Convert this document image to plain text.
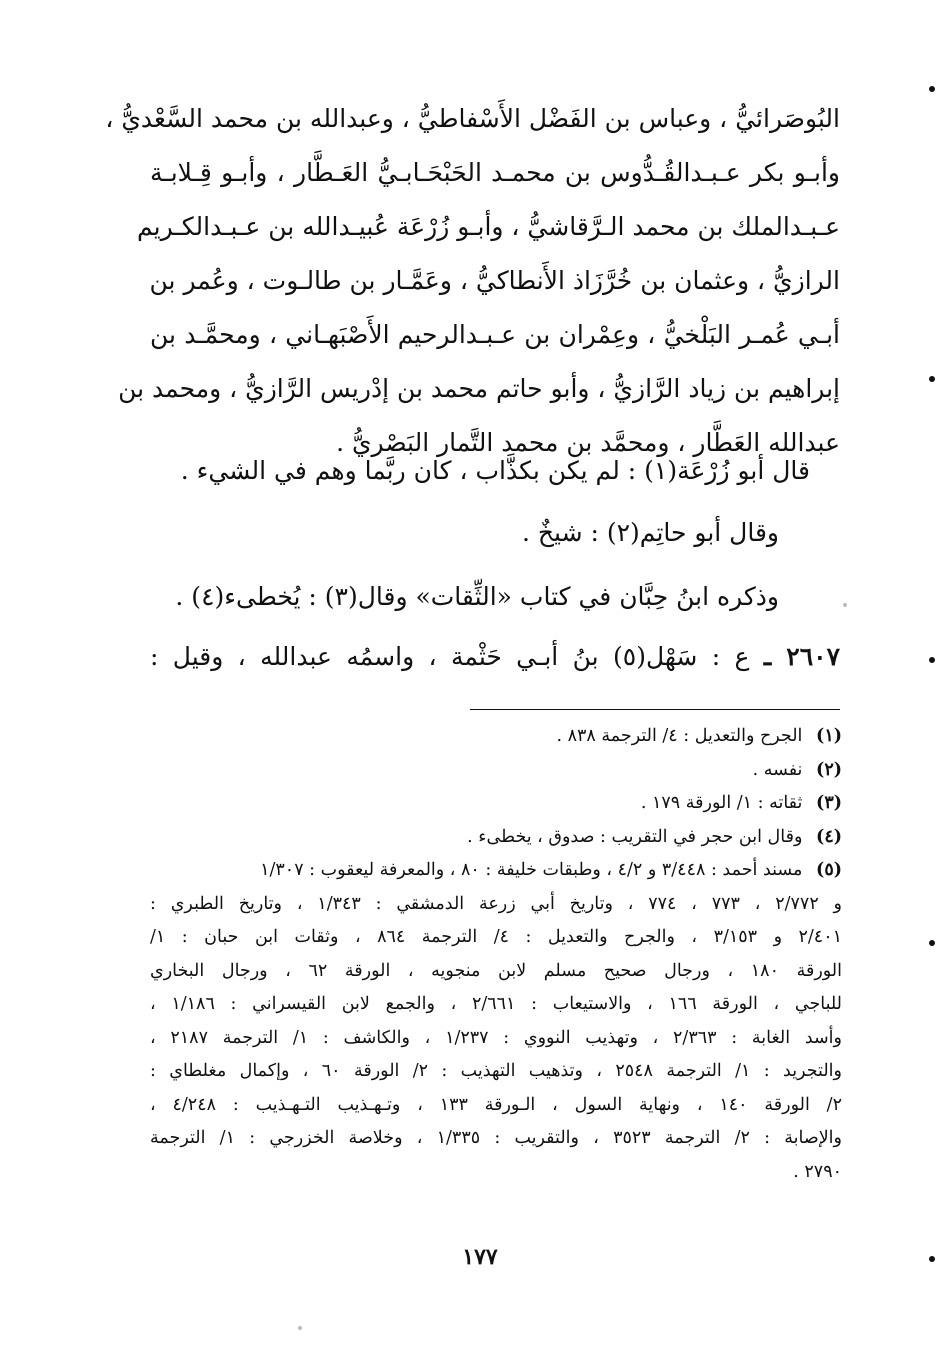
البُوصَرائيُّ ، وعباس بن الفَضْل الأَسْفاطيُّ ، وعبدالله بن محمد السَّعْديُّ ،
وأبـو بكر عـبـدالقُـدُّوس بن محمـد الحَبْحَـابـيُّ العَـطَّار ، وأبـو قِـلابـة
عـبـدالملك بن محمد الـرَّقاشيُّ ، وأبـو زُرْعَة عُبيـدالله بن عـبـدالكـريم
الرازيُّ ، وعثمان بن خُرَّزَاذ الأَنطاكيُّ ، وعَمَّـار بن طالـوت ، وعُمر بن
أبـي عُمـر البَلْخيُّ ، وعِمْران بن عـبـدالرحيم الأَصْبَهـاني ، ومحمَّـد بن
إبراهيم بن زياد الرَّازيُّ ، وأبو حاتم محمد بن إدْريس الرَّازيُّ ، ومحمد بن
عبدالله العَطَّار ، ومحمَّد بن محمد التَّمار البَصْريُّ .
قال أبو زُرْعَة(١) : لم يكن بكذَّاب ، كان ربَّما وهم في الشيء .
وقال أبو حاتِم(٢) : شيخٌ .
وذكره ابنُ حِبَّان في كتاب «الثِّقات» وقال(٣) : يُخطىء(٤) .
٢٦٠٧ ـ ع : سَهْل(٥) بنُ أبـي حَثْمة ، واسمُه عبدالله ، وقيل :
(١) الجرح والتعديل : ٤/ الترجمة ٨٣٨ .
(٢) نفسه .
(٣) ثقاته : ١/ الورقة ١٧٩ .
(٤) وقال ابن حجر في التقريب : صدوق ، يخطىء .
(٥) مسند أحمد : ٣/٤٤٨ و ٤/٢ ، وطبقات خليفة : ٨٠ ، والمعرفة ليعقوب : ١/٣٠٧
و ٢/٧٧٢ ، ٧٧٣ ، ٧٧٤ ، وتاريخ أبي زرعة الدمشقي : ١/٣٤٣ ، وتاريخ الطبري :
٢/٤٠١ و ٣/١٥٣ ، والجرح والتعديل : ٤/ الترجمة ٨٦٤ ، وثقات ابن حبان : ١/
الورقة ١٨٠ ، ورجال صحيح مسلم لابن منجويه ، الورقة ٦٢ ، ورجال البخاري
للباجي ، الورقة ١٦٦ ، والاستيعاب : ٢/٦٦١ ، والجمع لابن القيسراني : ١/١٨٦ ،
وأسد الغابة : ٢/٣٦٣ ، وتهذيب النووي : ١/٢٣٧ ، والكاشف : ١/ الترجمة ٢١٨٧ ،
والتجريد : ١/ الترجمة ٢٥٤٨ ، وتذهيب التهذيب : ٢/ الورقة ٦٠ ، وإكمال مغلطاي :
٢/ الورقة ١٤٠ ، ونهاية السول ، الـورقة ١٣٣ ، وتـهـذيب التـهـذيب : ٤/٢٤٨ ،
والإصابة : ٢/ الترجمة ٣٥٢٣ ، والتقريب : ١/٣٣٥ ، وخلاصة الخزرجي : ١/ الترجمة
٢٧٩٠ .
١٧٧
